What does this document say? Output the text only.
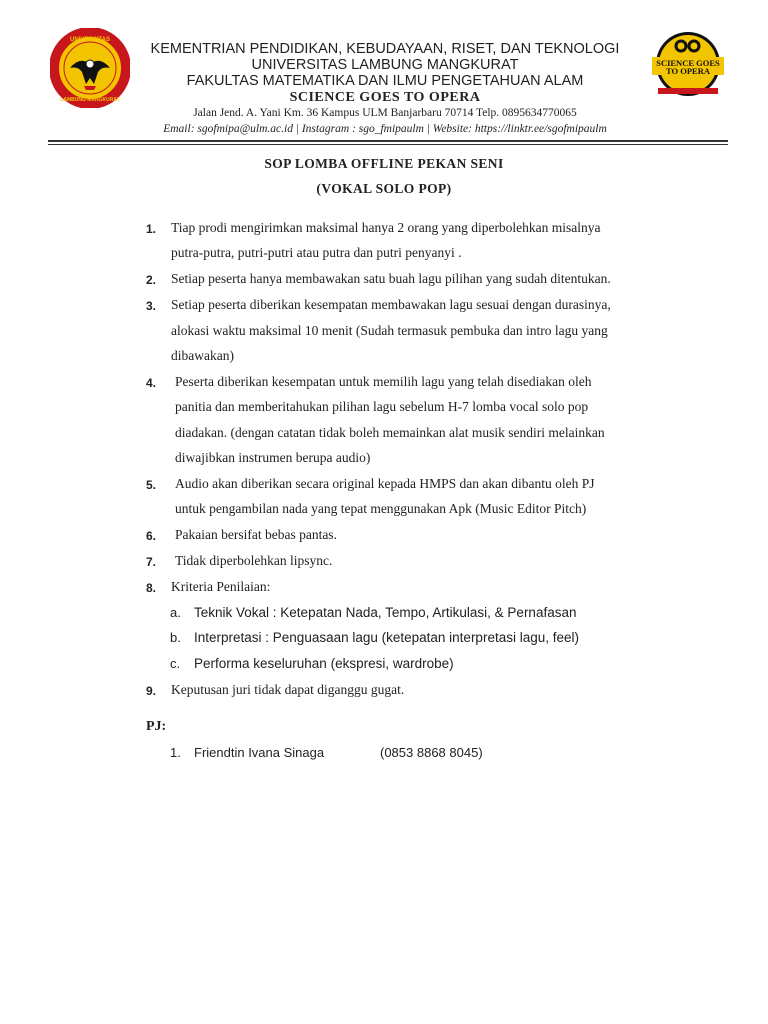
UNIVERSITAS
LAMBUNG MANGKURAT
SCIENCE GOES
TO OPERA
KEMENTRIAN PENDIDIKAN, KEBUDAYAAN, RISET, DAN TEKNOLOGI
UNIVERSITAS LAMBUNG MANGKURAT
FAKULTAS MATEMATIKA DAN ILMU PENGETAHUAN ALAM
SCIENCE GOES TO OPERA
Jalan Jend. A. Yani Km. 36 Kampus ULM Banjarbaru 70714 Telp. 0895634770065
Email: sgofmipa@ulm.ac.id | Instagram : sgo_fmipaulm | Website: https://linktr.ee/sgofmipaulm
SOP LOMBA OFFLINE PEKAN SENI
(VOKAL SOLO POP)
1. Tiap prodi mengirimkan maksimal hanya 2 orang yang diperbolehkan misalnya
putra-putra, putri-putri atau putra dan putri penyanyi .
2. Setiap peserta hanya membawakan satu buah lagu pilihan yang sudah ditentukan.
3. Setiap peserta diberikan kesempatan membawakan lagu sesuai dengan durasinya,
alokasi waktu maksimal 10 menit (Sudah termasuk pembuka dan intro lagu yang
dibawakan)
4. Peserta diberikan kesempatan untuk memilih lagu yang telah disediakan oleh
panitia dan memberitahukan pilihan lagu sebelum H-7 lomba vocal solo pop
diadakan. (dengan catatan tidak boleh memainkan alat musik sendiri melainkan
diwajibkan instrumen berupa audio)
5. Audio akan diberikan secara original kepada HMPS dan akan dibantu oleh PJ
untuk pengambilan nada yang tepat menggunakan Apk (Music Editor Pitch)
6. Pakaian bersifat bebas pantas.
7. Tidak diperbolehkan lipsync.
8. Kriteria Penilaian:
a. Teknik Vokal : Ketepatan Nada, Tempo, Artikulasi, & Pernafasan
b. Interpretasi : Penguasaan lagu (ketepatan interpretasi lagu, feel)
c. Performa keseluruhan (ekspresi, wardrobe)
9. Keputusan juri tidak dapat diganggu gugat.
PJ:
1. Friendtin Ivana Sinaga	(0853 8868 8045)
